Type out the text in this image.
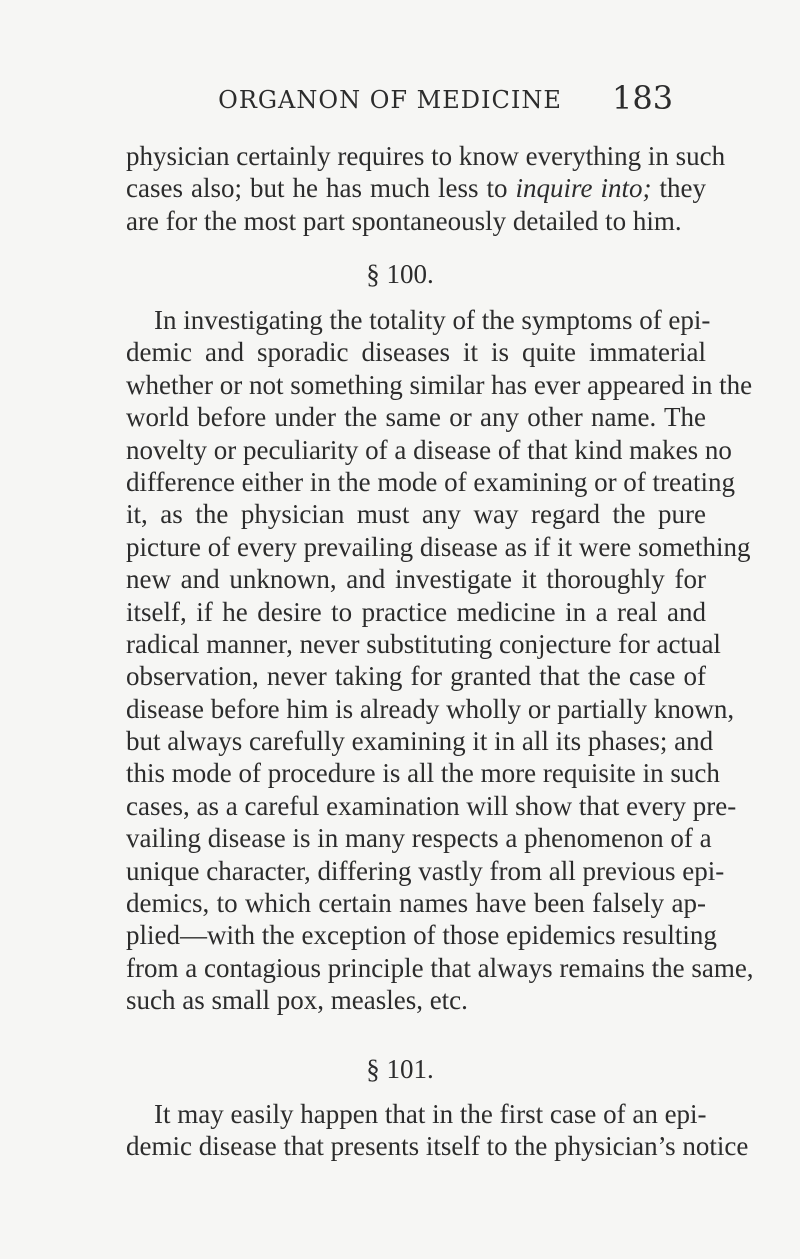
ORGANON OF MEDICINE	183
physician certainly requires to know everything in such
cases also; but he has much less to inquire into; they
are for the most part spontaneously detailed to him.
§ 100.
In investigating the totality of the symptoms of epi-
demic and sporadic diseases it is quite immaterial
whether or not something similar has ever appeared in the
world before under the same or any other name. The
novelty or peculiarity of a disease of that kind makes no
difference either in the mode of examining or of treating
it, as the physician must any way regard the pure
picture of every prevailing disease as if it were something
new and unknown, and investigate it thoroughly for
itself, if he desire to practice medicine in a real and
radical manner, never substituting conjecture for actual
observation, never taking for granted that the case of
disease before him is already wholly or partially known,
but always carefully examining it in all its phases; and
this mode of procedure is all the more requisite in such
cases, as a careful examination will show that every pre-
vailing disease is in many respects a phenomenon of a
unique character, differing vastly from all previous epi-
demics, to which certain names have been falsely ap-
plied—with the exception of those epidemics resulting
from a contagious principle that always remains the same,
such as small pox, measles, etc.
§ 101.
It may easily happen that in the first case of an epi-
demic disease that presents itself to the physician’s notice
